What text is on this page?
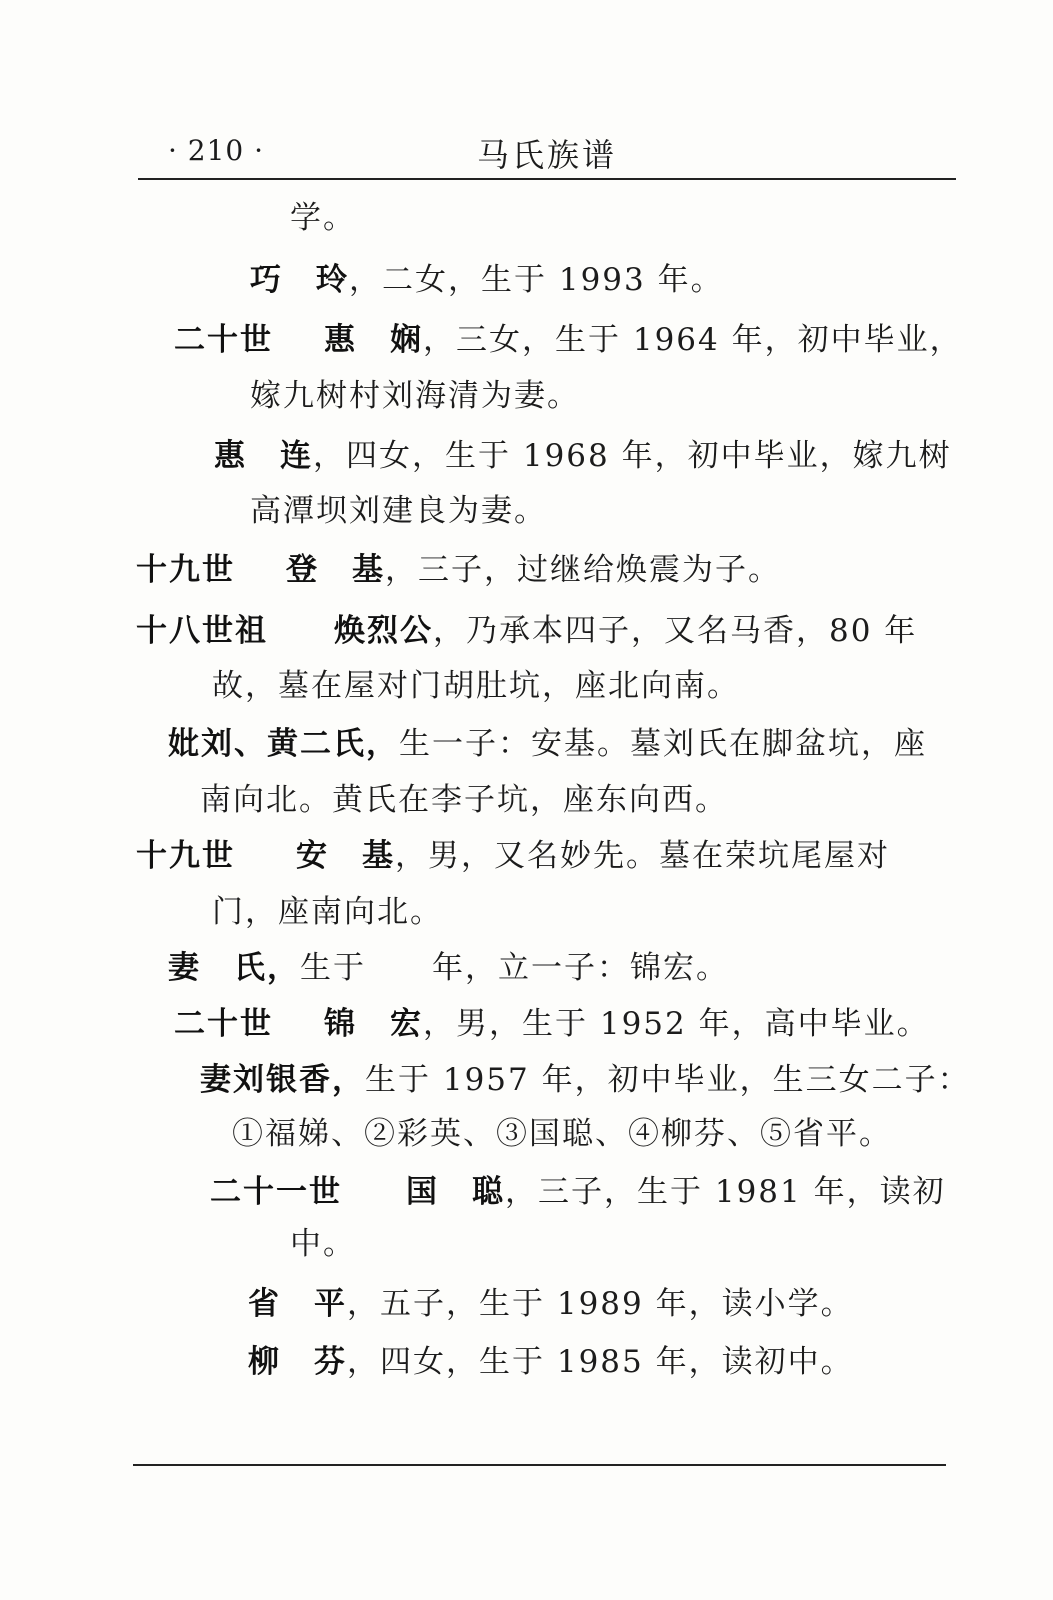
· 210 ·	马氏族谱
学。
巧　玲，二女，生于 1993 年。
二十世 惠　娴，三女，生于 1964 年，初中毕业，
嫁九树村刘海清为妻。
惠　连，四女，生于 1968 年，初中毕业，嫁九树
高潭坝刘建良为妻。
十九世 登　基，三子，过继给焕震为子。
十八世祖 焕烈公，乃承本四子，又名马香，80 年
故，墓在屋对门胡肚坑，座北向南。
妣刘、黄二氏，生一子：安基。墓刘氏在脚盆坑，座
南向北。黄氏在李子坑，座东向西。
十九世 安　基，男，又名妙先。墓在荣坑尾屋对
门，座南向北。
妻　氏，生于　　年，立一子：锦宏。
二十世 锦　宏，男，生于 1952 年，高中毕业。
妻刘银香，生于 1957 年，初中毕业，生三女二子：
①福娣、②彩英、③国聪、④柳芬、⑤省平。
二十一世 国　聪，三子，生于 1981 年，读初
中。
省　平，五子，生于 1989 年，读小学。
柳　芬，四女，生于 1985 年，读初中。
